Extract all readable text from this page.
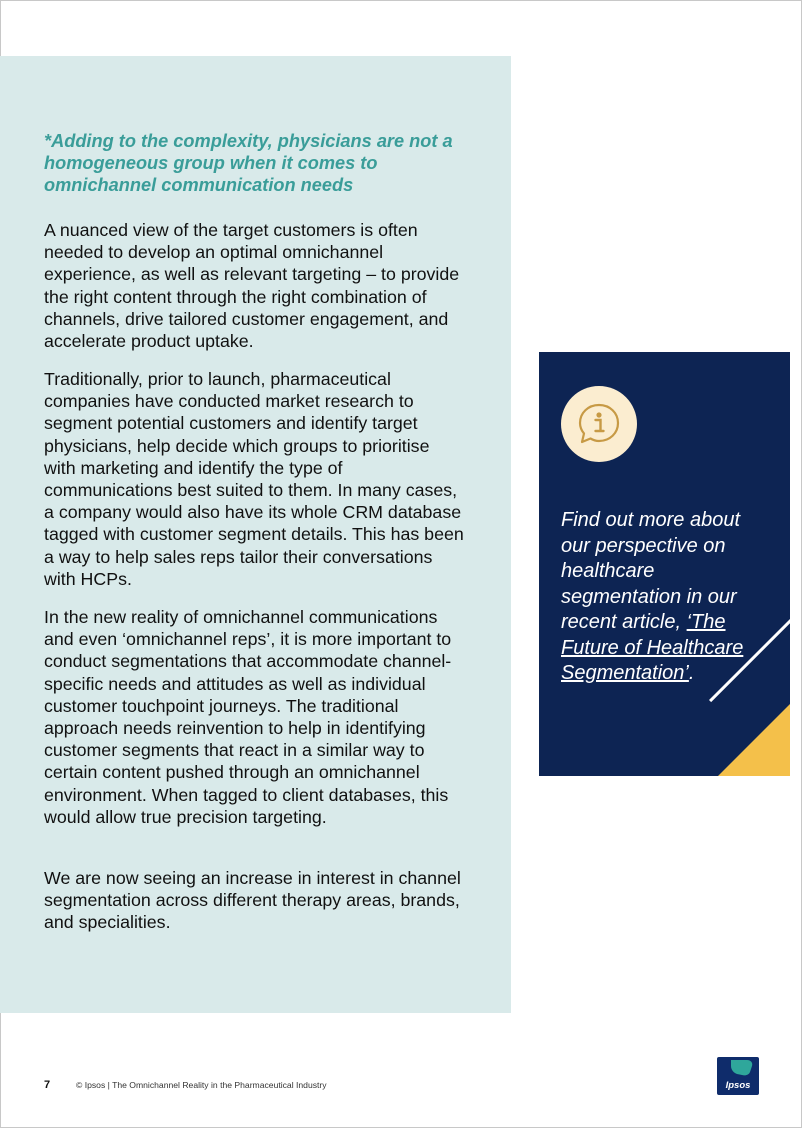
*Adding to the complexity, physicians are not a homogeneous group when it comes to omnichannel communication needs

A nuanced view of the target customers is often needed to develop an optimal omnichannel experience, as well as relevant targeting – to provide the right content through the right combination of channels, drive tailored customer engagement, and accelerate product uptake.

Traditionally, prior to launch, pharmaceutical companies have conducted market research to segment potential customers and identify target physicians, help decide which groups to prioritise with marketing and identify the type of communications best suited to them. In many cases, a company would also have its whole CRM database tagged with customer segment details. This has been a way to help sales reps tailor their conversations with HCPs.

In the new reality of omnichannel communications and even ‘omnichannel reps’, it is more important to conduct segmentations that accommodate channel-specific needs and attitudes as well as individual customer touchpoint journeys. The traditional approach needs reinvention to help in identifying customer segments that react in a similar way to certain content pushed through an omnichannel environment. When tagged to client databases, this would allow true precision targeting.

We are now seeing an increase in interest in channel segmentation across different therapy areas, brands, and specialities.

Find out more about our perspective on healthcare segmentation in our recent article, ‘The Future of Healthcare Segmentation’.

7	© Ipsos | The Omnichannel Reality in the Pharmaceutical Industry	Ipsos
